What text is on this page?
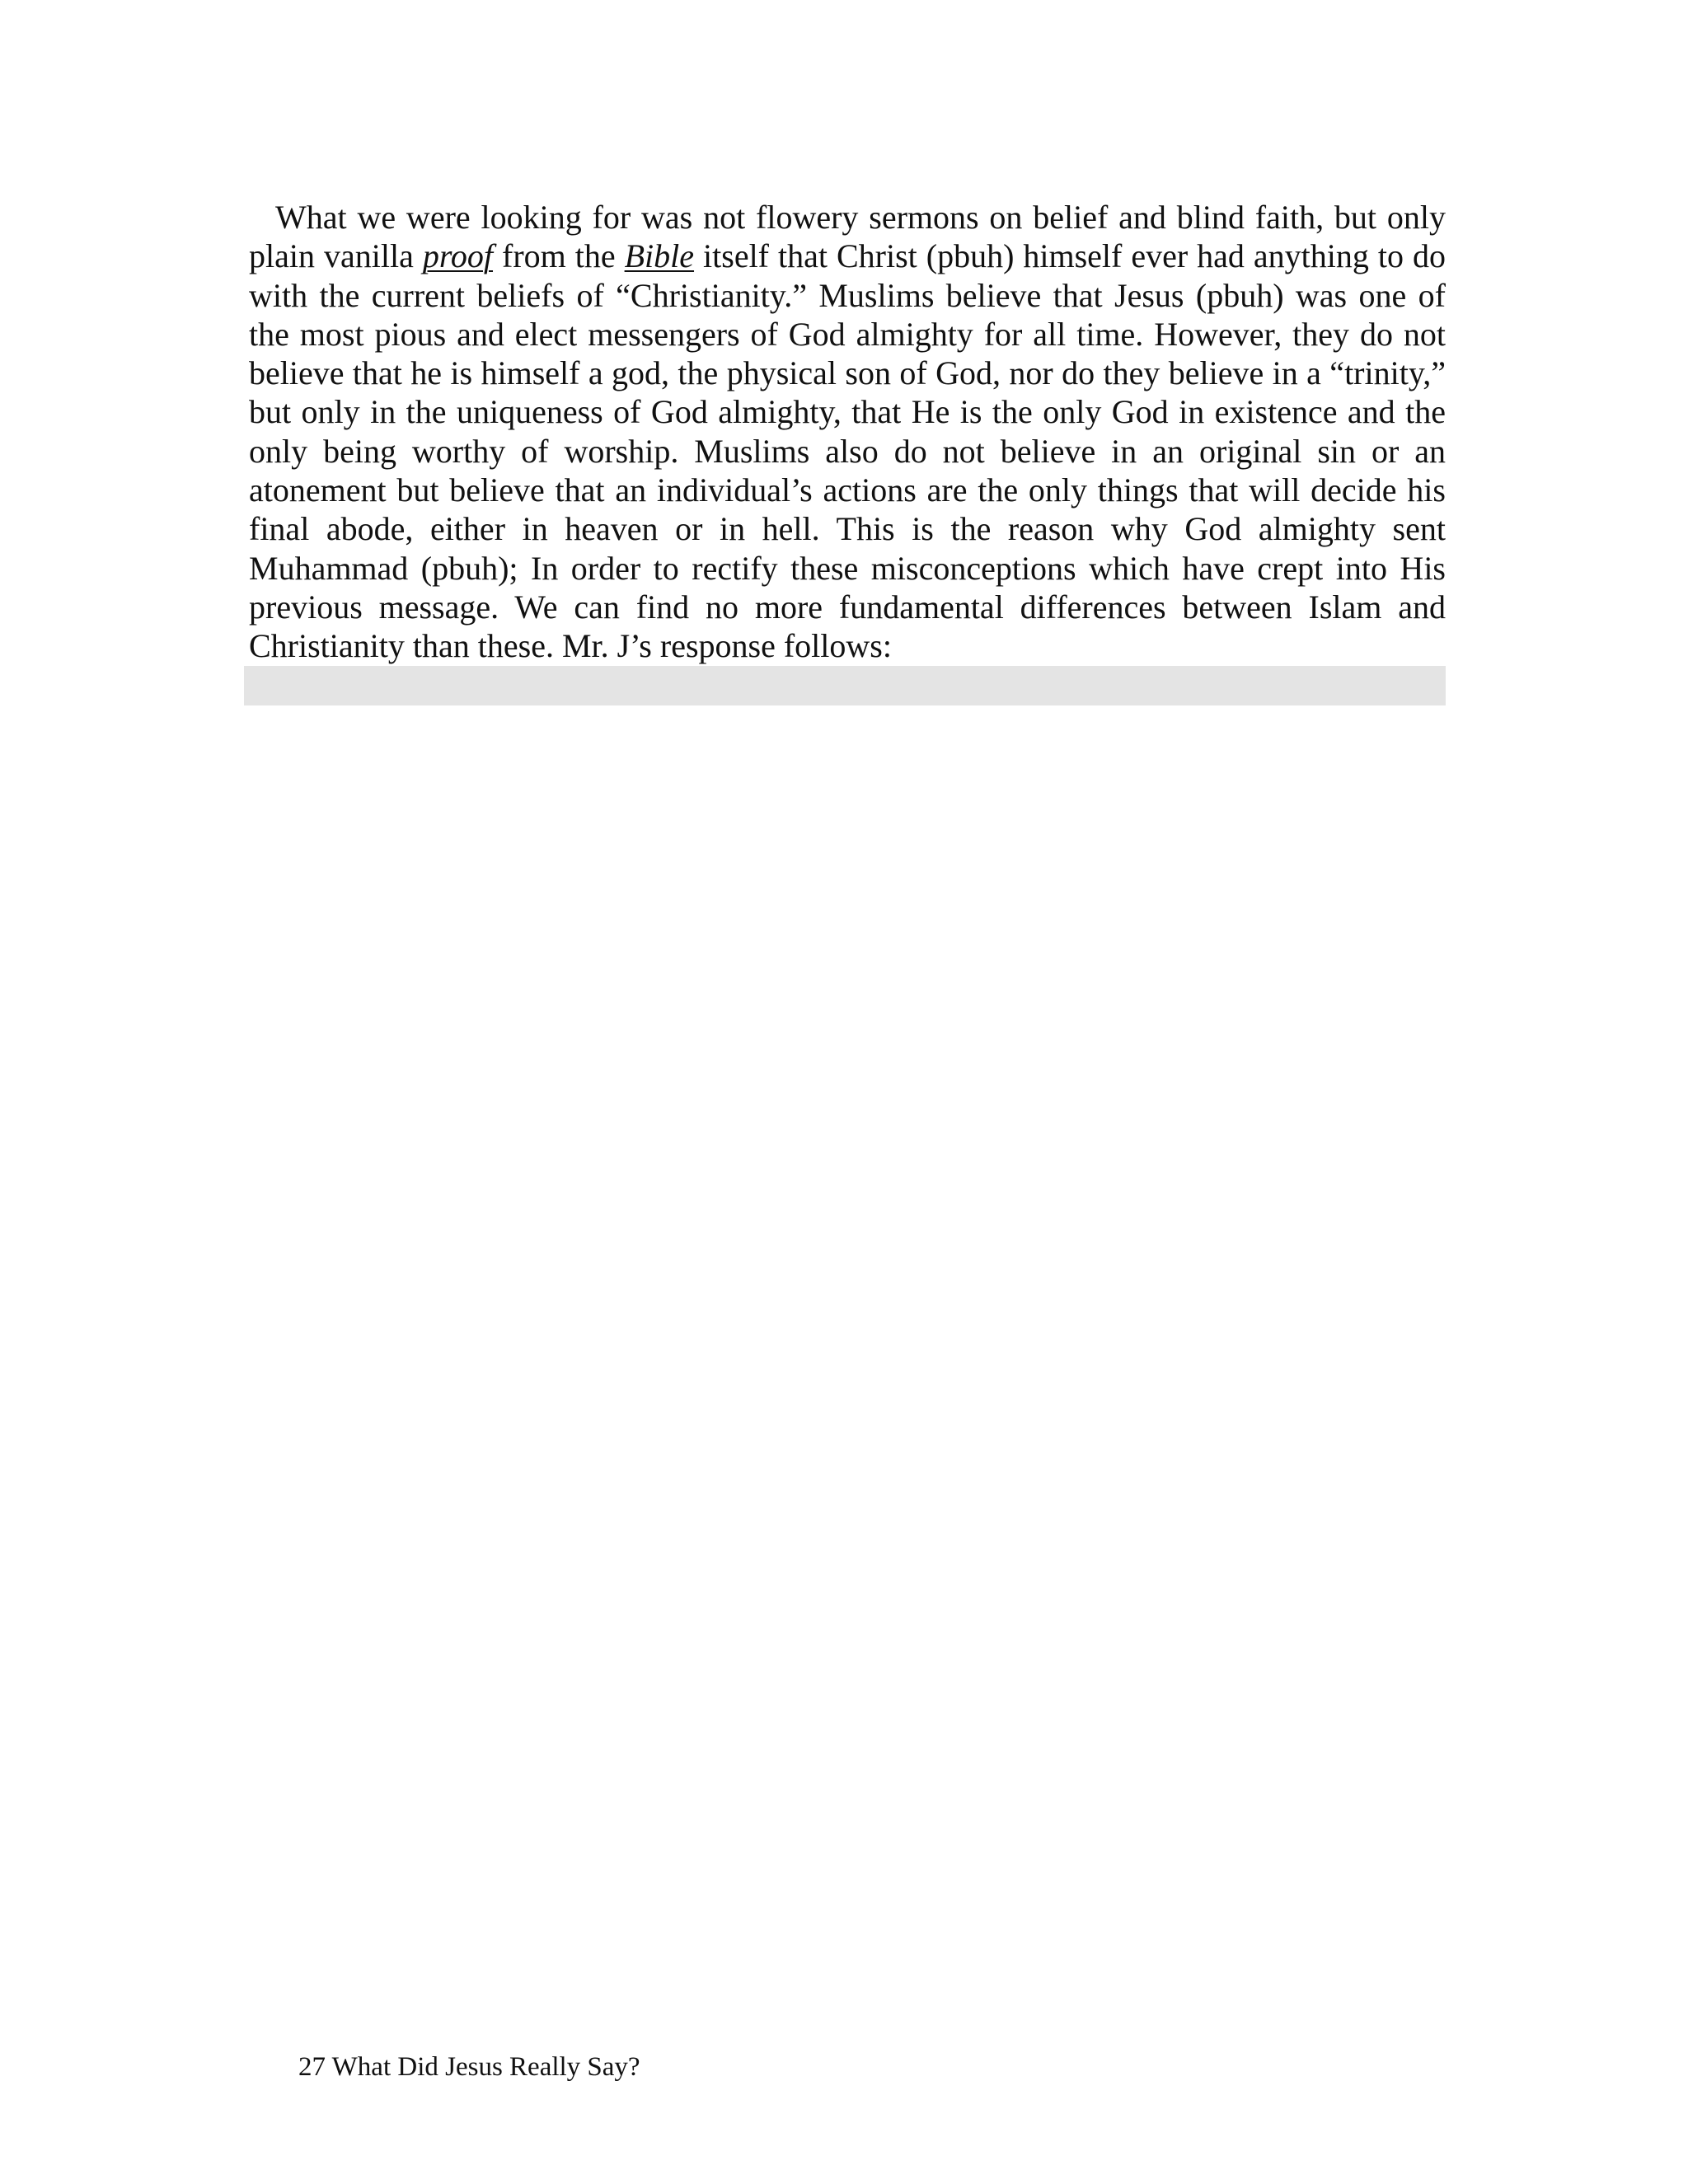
What we were looking for was not flowery sermons on belief and blind faith, but only plain vanilla proof from the Bible itself that Christ (pbuh) himself ever had anything to do with the current beliefs of “Christianity.” Muslims believe that Jesus (pbuh) was one of the most pious and elect messengers of God almighty for all time. However, they do not believe that he is himself a god, the physical son of God, nor do they believe in a “trinity,” but only in the uniqueness of God almighty, that He is the only God in existence and the only being worthy of worship. Muslims also do not believe in an original sin or an atonement but believe that an individual’s actions are the only things that will decide his final abode, either in heaven or in hell. This is the reason why God almighty sent Muhammad (pbuh); In order to rectify these misconceptions which have crept into His previous message. We can find no more fundamental differences between Islam and Christianity than these. Mr. J’s response follows:

27 What Did Jesus Really Say?
